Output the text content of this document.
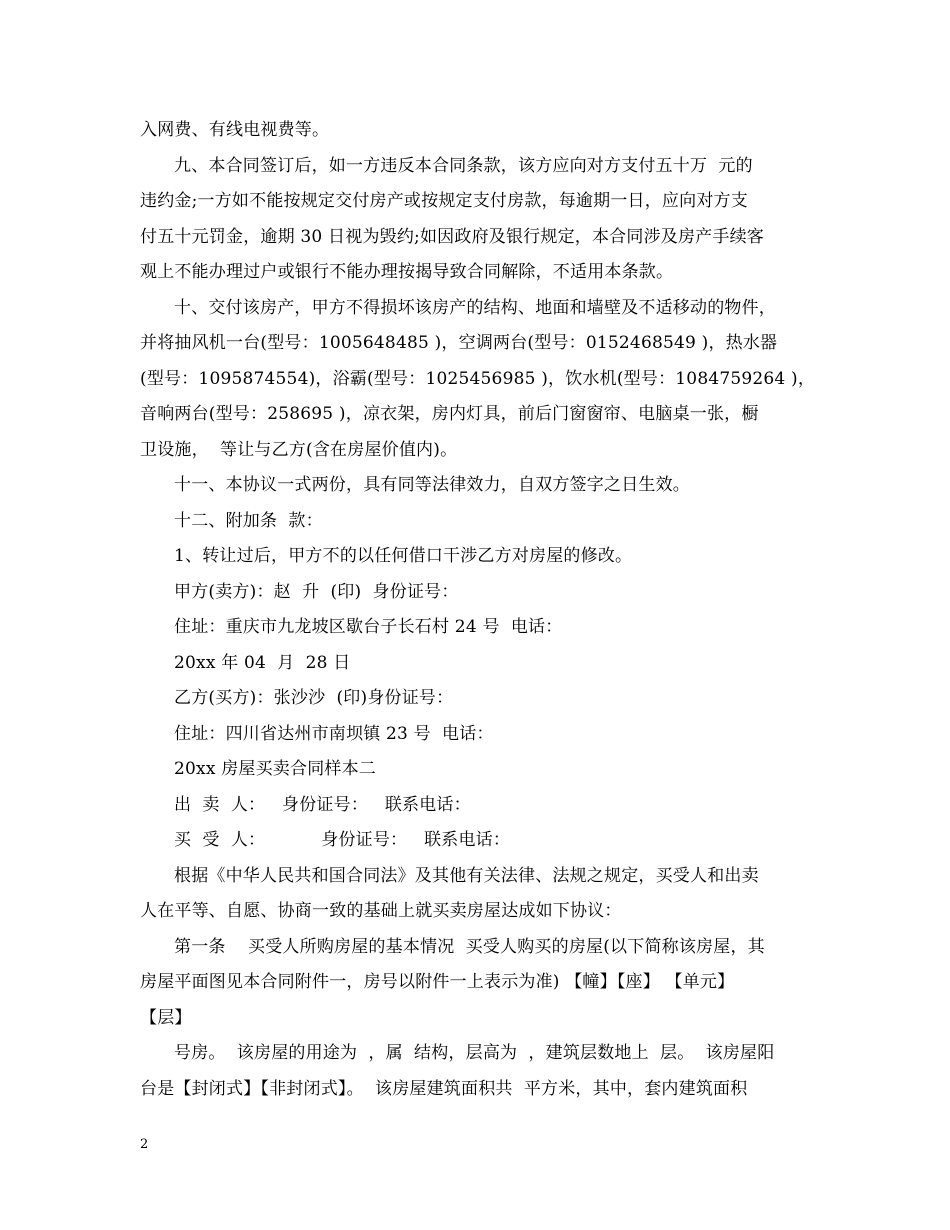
入网费、有线电视费等。
九、本合同签订后，如一方违反本合同条款，该方应向对方支付五十万  元的
违约金;一方如不能按规定交付房产或按规定支付房款，每逾期一日，应向对方支
付五十元罚金，逾期 30 日视为毁约;如因政府及银行规定，本合同涉及房产手续客
观上不能办理过户或银行不能办理按揭导致合同解除，不适用本条款。
十、交付该房产，甲方不得损坏该房产的结构、地面和墙壁及不适移动的物件，
并将抽风机一台(型号：1005648485 )，空调两台(型号：0152468549 )，热水器
(型号：1095874554)，浴霸(型号：1025456985 )，饮水机(型号：1084759264 )，
音响两台(型号：258695 )，凉衣架，房内灯具，前后门窗窗帘、电脑桌一张，橱
卫设施，  等让与乙方(含在房屋价值内)。
十一、本协议一式两份，具有同等法律效力，自双方签字之日生效。
十二、附加条  款：
1、转让过后，甲方不的以任何借口干涉乙方对房屋的修改。
甲方(卖方)：赵  升  (印)  身份证号：
住址：重庆市九龙坡区歇台子长石村 24 号  电话：
20xx 年 04  月  28 日
乙方(买方)：张沙沙  (印)身份证号：
住址：四川省达州市南坝镇 23 号  电话：
20xx 房屋买卖合同样本二
出  卖  人：   身份证号：   联系电话：
买  受  人：          身份证号：   联系电话：
根据《中华人民共和国合同法》及其他有关法律、法规之规定，买受人和出卖
人在平等、自愿、协商一致的基础上就买卖房屋达成如下协议：
第一条    买受人所购房屋的基本情况  买受人购买的房屋(以下简称该房屋，其
房屋平面图见本合同附件一，房号以附件一上表示为准) 【幢】【座】 【单元】
【层】
号房。  该房屋的用途为  ，属  结构，层高为  ，建筑层数地上  层。  该房屋阳
台是【封闭式】【非封闭式】。  该房屋建筑面积共  平方米，其中，套内建筑面积
2
